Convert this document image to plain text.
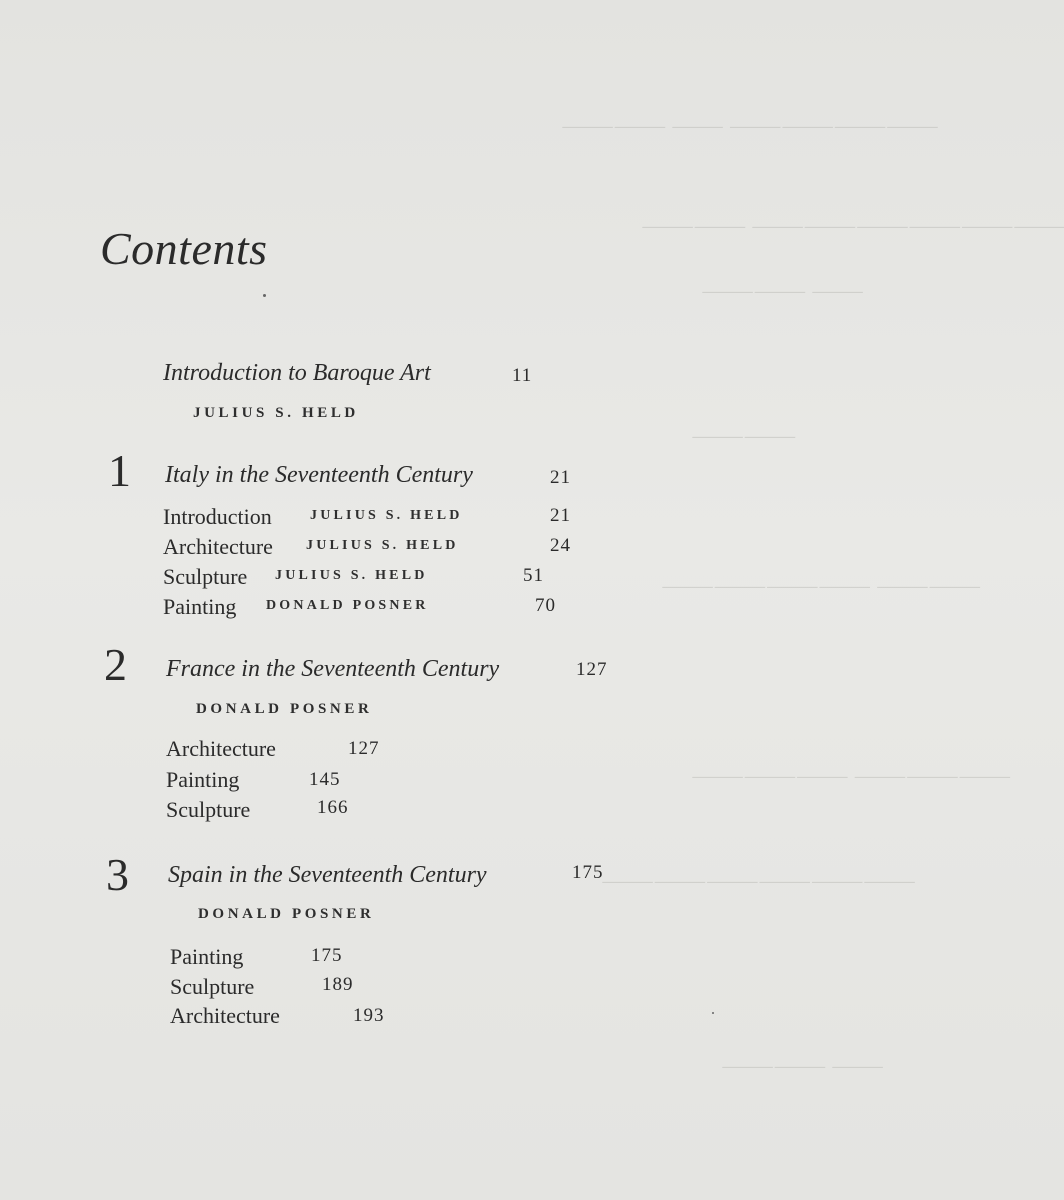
⸻⸻ ⸻ ⸻⸻⸻⸻
⸻⸻ ⸻⸻⸻⸻⸻⸻
⸻⸻ ⸻
⸻⸻
⸻⸻⸻⸻ ⸻⸻
⸻⸻⸻ ⸻⸻⸻
⸻⸻⸻⸻⸻⸻
⸻⸻ ⸻
Contents
Introduction to Baroque Art	11
JULIUS S. HELD
1 Italy in the Seventeenth Century	21
Introduction	JULIUS S. HELD	21
Architecture JULIUS S. HELD	24
Sculpture JULIUS S. HELD	51
Painting DONALD POSNER	70
2 France in the Seventeenth Century	127
DONALD POSNER
Architecture	127
Painting	145
Sculpture	166
3 Spain in the Seventeenth Century	175
DONALD POSNER
Painting	175
Sculpture	189
Architecture	193
